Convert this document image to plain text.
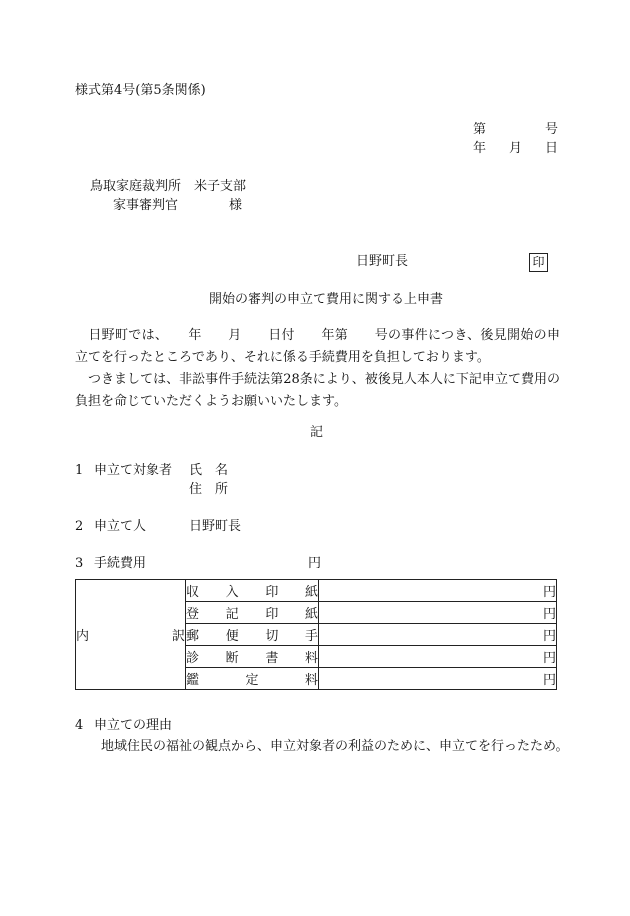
様式第4号(第5条関係)
第	号
年 月 日
鳥取家庭裁判所　米子支部
家事審判官	様
日野町長	印
開始の審判の申立て費用に関する上申書
　日野町では、　　年　　月　　日付　　年第　　号の事件につき、後見開始の申立てを行ったところであり、それに係る手続費用を負担しております。
　つきましては、非訟事件手続法第28条により、被後見人本人に下記申立て費用の負担を命じていただくようお願いいたします。
記
1 申立て対象者 氏　名
住　所
2 申立て人	日野町長
3 手続費用	円
内 訳	収 入 印 紙	円

	登 記 印 紙	円

	郵 便 切 手	円

	診 断 書 料	円

	鑑 定 料	円
4 申立ての理由
地域住民の福祉の観点から、申立対象者の利益のために、申立てを行ったため。
